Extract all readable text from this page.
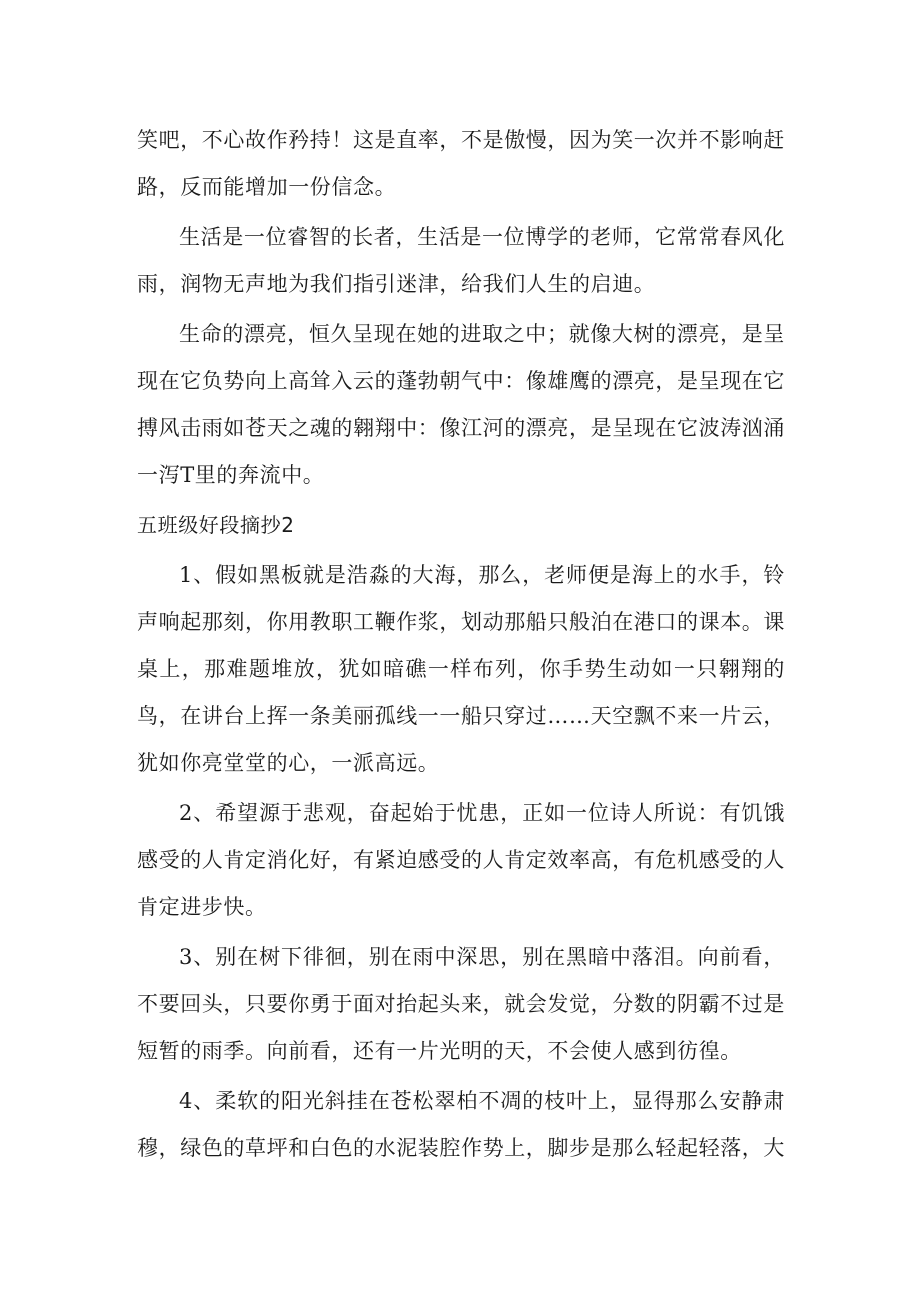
笑吧，不心故作矜持！这是直率，不是傲慢，因为笑一次并不影响赶路，反而能增加一份信念。

生活是一位睿智的长者，生活是一位博学的老师，它常常春风化雨，润物无声地为我们指引迷津，给我们人生的启迪。

生命的漂亮，恒久呈现在她的进取之中；就像大树的漂亮，是呈现在它负势向上高耸入云的蓬勃朝气中：像雄鹰的漂亮，是呈现在它搏风击雨如苍天之魂的翱翔中：像江河的漂亮，是呈现在它波涛汹涌一泻T里的奔流中。

五班级好段摘抄2

1、假如黑板就是浩淼的大海，那么，老师便是海上的水手，铃声响起那刻，你用教职工鞭作浆，划动那船只般泊在港口的课本。课桌上，那难题堆放，犹如暗礁一样布列，你手势生动如一只翱翔的鸟，在讲台上挥一条美丽孤线一一船只穿过……天空飘不来一片云，犹如你亮堂堂的心，一派高远。

2、希望源于悲观，奋起始于忧患，正如一位诗人所说：有饥饿感受的人肯定消化好，有紧迫感受的人肯定效率高，有危机感受的人肯定进步快。

3、别在树下徘徊，别在雨中深思，别在黑暗中落泪。向前看，不要回头，只要你勇于面对抬起头来，就会发觉，分数的阴霸不过是短暂的雨季。向前看，还有一片光明的天，不会使人感到彷徨。

4、柔软的阳光斜挂在苍松翠柏不凋的枝叶上，显得那么安静肃穆，绿色的草坪和白色的水泥装腔作势上，脚步是那么轻起轻落，大
